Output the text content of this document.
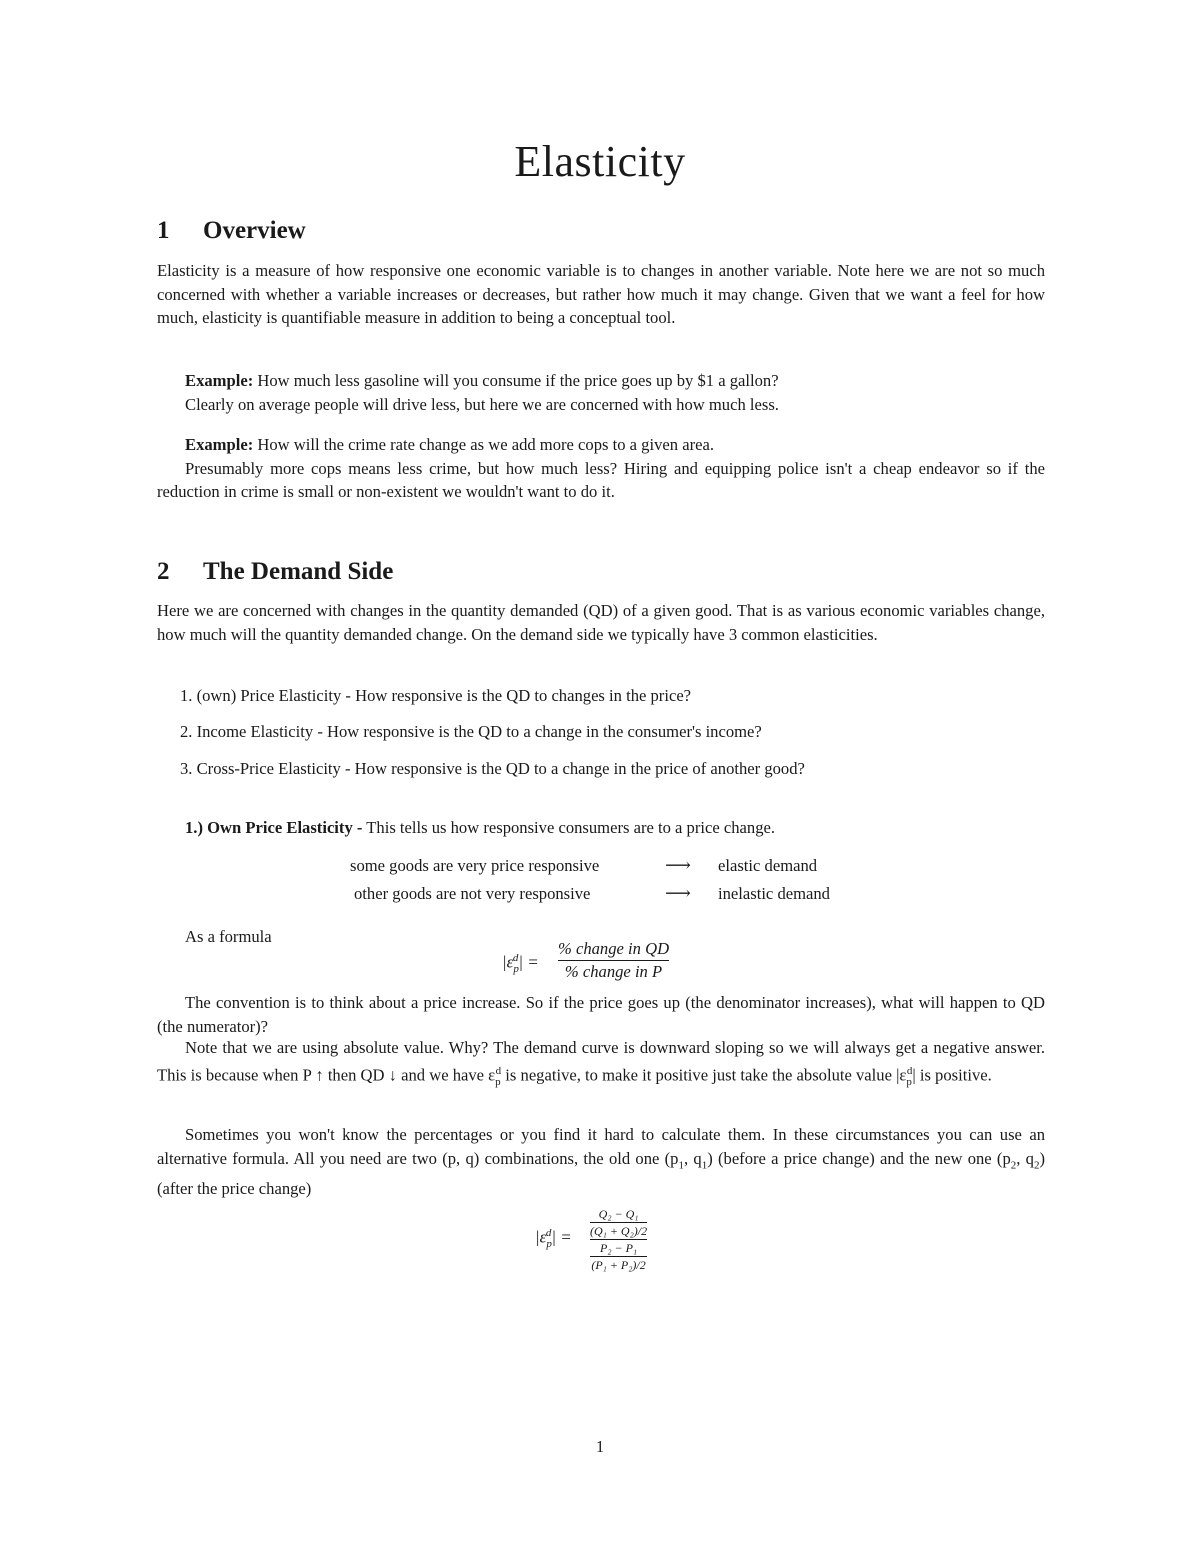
Elasticity
1 Overview

Elasticity is a measure of how responsive one economic variable is to changes in another variable. Note here we are not so much concerned with whether a variable increases or decreases, but rather how much it may change. Given that we want a feel for how much, elasticity is quantifiable measure in addition to being a conceptual tool.

Example: How much less gasoline will you consume if the price goes up by $1 a gallon?
Clearly on average people will drive less, but here we are concerned with how much less.
Example: How will the crime rate change as we add more cops to a given area.
Presumably more cops means less crime, but how much less? Hiring and equipping police isn't a cheap endeavor so if the reduction in crime is small or non-existent we wouldn't want to do it.
2 The Demand Side

Here we are concerned with changes in the quantity demanded (QD) of a given good. That is as various economic variables change, how much will the quantity demanded change. On the demand side we typically have 3 common elasticities.

1. (own) Price Elasticity - How responsive is the QD to changes in the price?
2. Income Elasticity - How responsive is the QD to a change in the consumer's income?
3. Cross-Price Elasticity - How responsive is the QD to a change in the price of another good?
1.) Own Price Elasticity - This tells us how responsive consumers are to a price change.
some goods are very price responsive	⟶ elastic demand
other goods are not very responsive	⟶ inelastic demand
As a formula
$|\varepsilon_p^d|$ =
% change in QD
% change in P

The convention is to think about a price increase. So if the price goes up (the denominator increases), what will happen to QD (the numerator)?

Note that we are using absolute value. Why? The demand curve is downward sloping so we will always get a negative answer. This is because when P ↑ then QD ↓ and we have $\varepsilon_p^d$ is negative, to make it positive just take the absolute value $|\varepsilon_p^d|$ is positive.

Sometimes you won't know the percentages or you find it hard to calculate them. In these circumstances you can use an alternative formula. All you need are two (p, q) combinations, the old one ($p_1$, $q_1$) (before a price change) and the new one ($p_2$, $q_2$) (after the price change)

$|\varepsilon_p^d|$ =
Q₂ − Q₁
(Q₁ + Q₂)/2
P₂ − P₁
(P₁ + P₂)/2
1
